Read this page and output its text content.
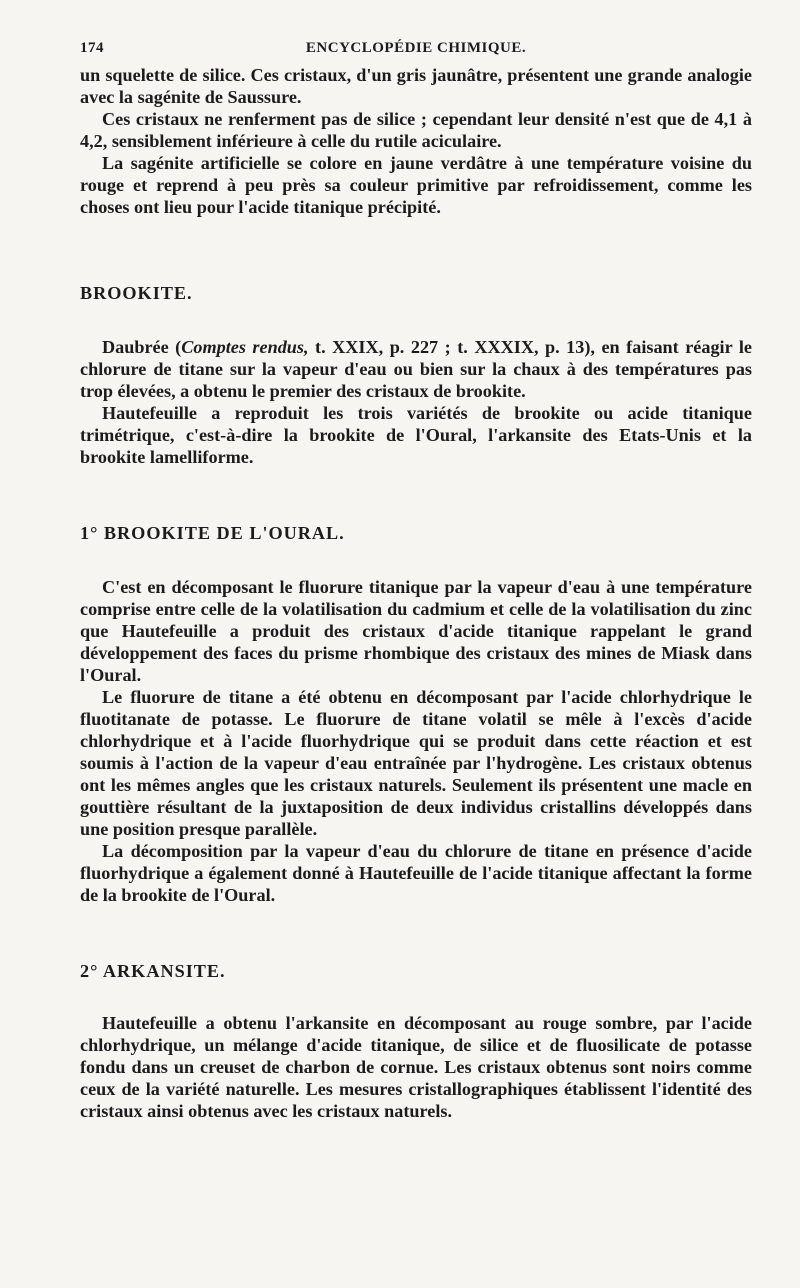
174	ENCYCLOPÉDIE CHIMIQUE.

un squelette de silice. Ces cristaux, d'un gris jaunâtre, présentent une grande analogie avec la sagénite de Saussure.

Ces cristaux ne renferment pas de silice ; cependant leur densité n'est que de 4,1 à 4,2, sensiblement inférieure à celle du rutile aciculaire.

La sagénite artificielle se colore en jaune verdâtre à une température voisine du rouge et reprend à peu près sa couleur primitive par refroidissement, comme les choses ont lieu pour l'acide titanique précipité.

BROOKITE.

Daubrée (Comptes rendus, t. XXIX, p. 227 ; t. XXXIX, p. 13), en faisant réagir le chlorure de titane sur la vapeur d'eau ou bien sur la chaux à des températures pas trop élevées, a obtenu le premier des cristaux de brookite.

Hautefeuille a reproduit les trois variétés de brookite ou acide titanique trimétrique, c'est-à-dire la brookite de l'Oural, l'arkansite des Etats-Unis et la brookite lamelliforme.

1° BROOKITE DE L'OURAL.

C'est en décomposant le fluorure titanique par la vapeur d'eau à une température comprise entre celle de la volatilisation du cadmium et celle de la volatilisation du zinc que Hautefeuille a produit des cristaux d'acide titanique rappelant le grand développement des faces du prisme rhombique des cristaux des mines de Miask dans l'Oural.

Le fluorure de titane a été obtenu en décomposant par l'acide chlorhydrique le fluotitanate de potasse. Le fluorure de titane volatil se mêle à l'excès d'acide chlorhydrique et à l'acide fluorhydrique qui se produit dans cette réaction et est soumis à l'action de la vapeur d'eau entraînée par l'hydrogène. Les cristaux obtenus ont les mêmes angles que les cristaux naturels. Seulement ils présentent une macle en gouttière résultant de la juxtaposition de deux individus cristallins développés dans une position presque parallèle.

La décomposition par la vapeur d'eau du chlorure de titane en présence d'acide fluorhydrique a également donné à Hautefeuille de l'acide titanique affectant la forme de la brookite de l'Oural.

2° ARKANSITE.

Hautefeuille a obtenu l'arkansite en décomposant au rouge sombre, par l'acide chlorhydrique, un mélange d'acide titanique, de silice et de fluosilicate de potasse fondu dans un creuset de charbon de cornue. Les cristaux obtenus sont noirs comme ceux de la variété naturelle. Les mesures cristallographiques établissent l'identité des cristaux ainsi obtenus avec les cristaux naturels.
